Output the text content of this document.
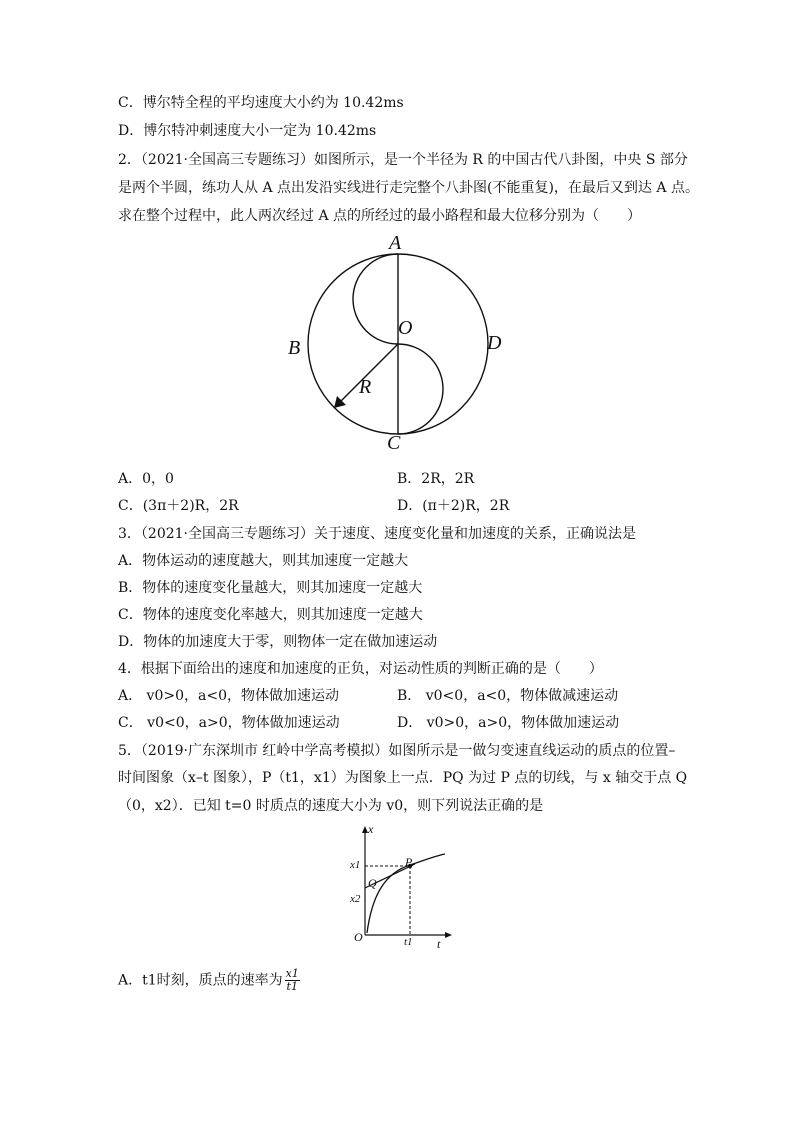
C．博尔特全程的平均速度大小约为 10.42ms
D．博尔特冲刺速度大小一定为 10.42ms
2．（2021·全国高三专题练习）如图所示，是一个半径为 R 的中国古代八卦图，中央 S 部分
是两个半圆，练功人从 A 点出发沿实线进行走完整个八卦图(不能重复)，在最后又到达 A 点。
求在整个过程中，此人两次经过 A 点的所经过的最小路程和最大位移分别为（　　）
A
O
B	D
R
C
A．0，0	B．2R，2R
C．(3π＋2)R，2R	D．(π＋2)R，2R
3．（2021·全国高三专题练习）关于速度、速度变化量和加速度的关系，正确说法是
A．物体运动的速度越大，则其加速度一定越大
B．物体的速度变化量越大，则其加速度一定越大
C．物体的速度变化率越大，则其加速度一定越大
D．物体的加速度大于零，则物体一定在做加速运动
4．根据下面给出的速度和加速度的正负，对运动性质的判断正确的是（　　）
A． v0>0，a<0，物体做加速运动	B． v0<0，a<0，物体做减速运动
C． v0<0，a>0，物体做加速运动	D． v0>0，a>0，物体做加速运动
5．（2019·广东深圳市 红岭中学高考模拟）如图所示是一做匀变速直线运动的质点的位置–
时间图象（x–t 图象），P（t1，x1）为图象上一点．PQ 为过 P 点的切线，与 x 轴交于点 Q
（0，x2）．已知 t=0 时质点的速度大小为 v0，则下列说法正确的是
x
P
x1
Q
x2
O	t1 t
A．t1时刻，质点的速率为 $\frac{x1}{t1}$
